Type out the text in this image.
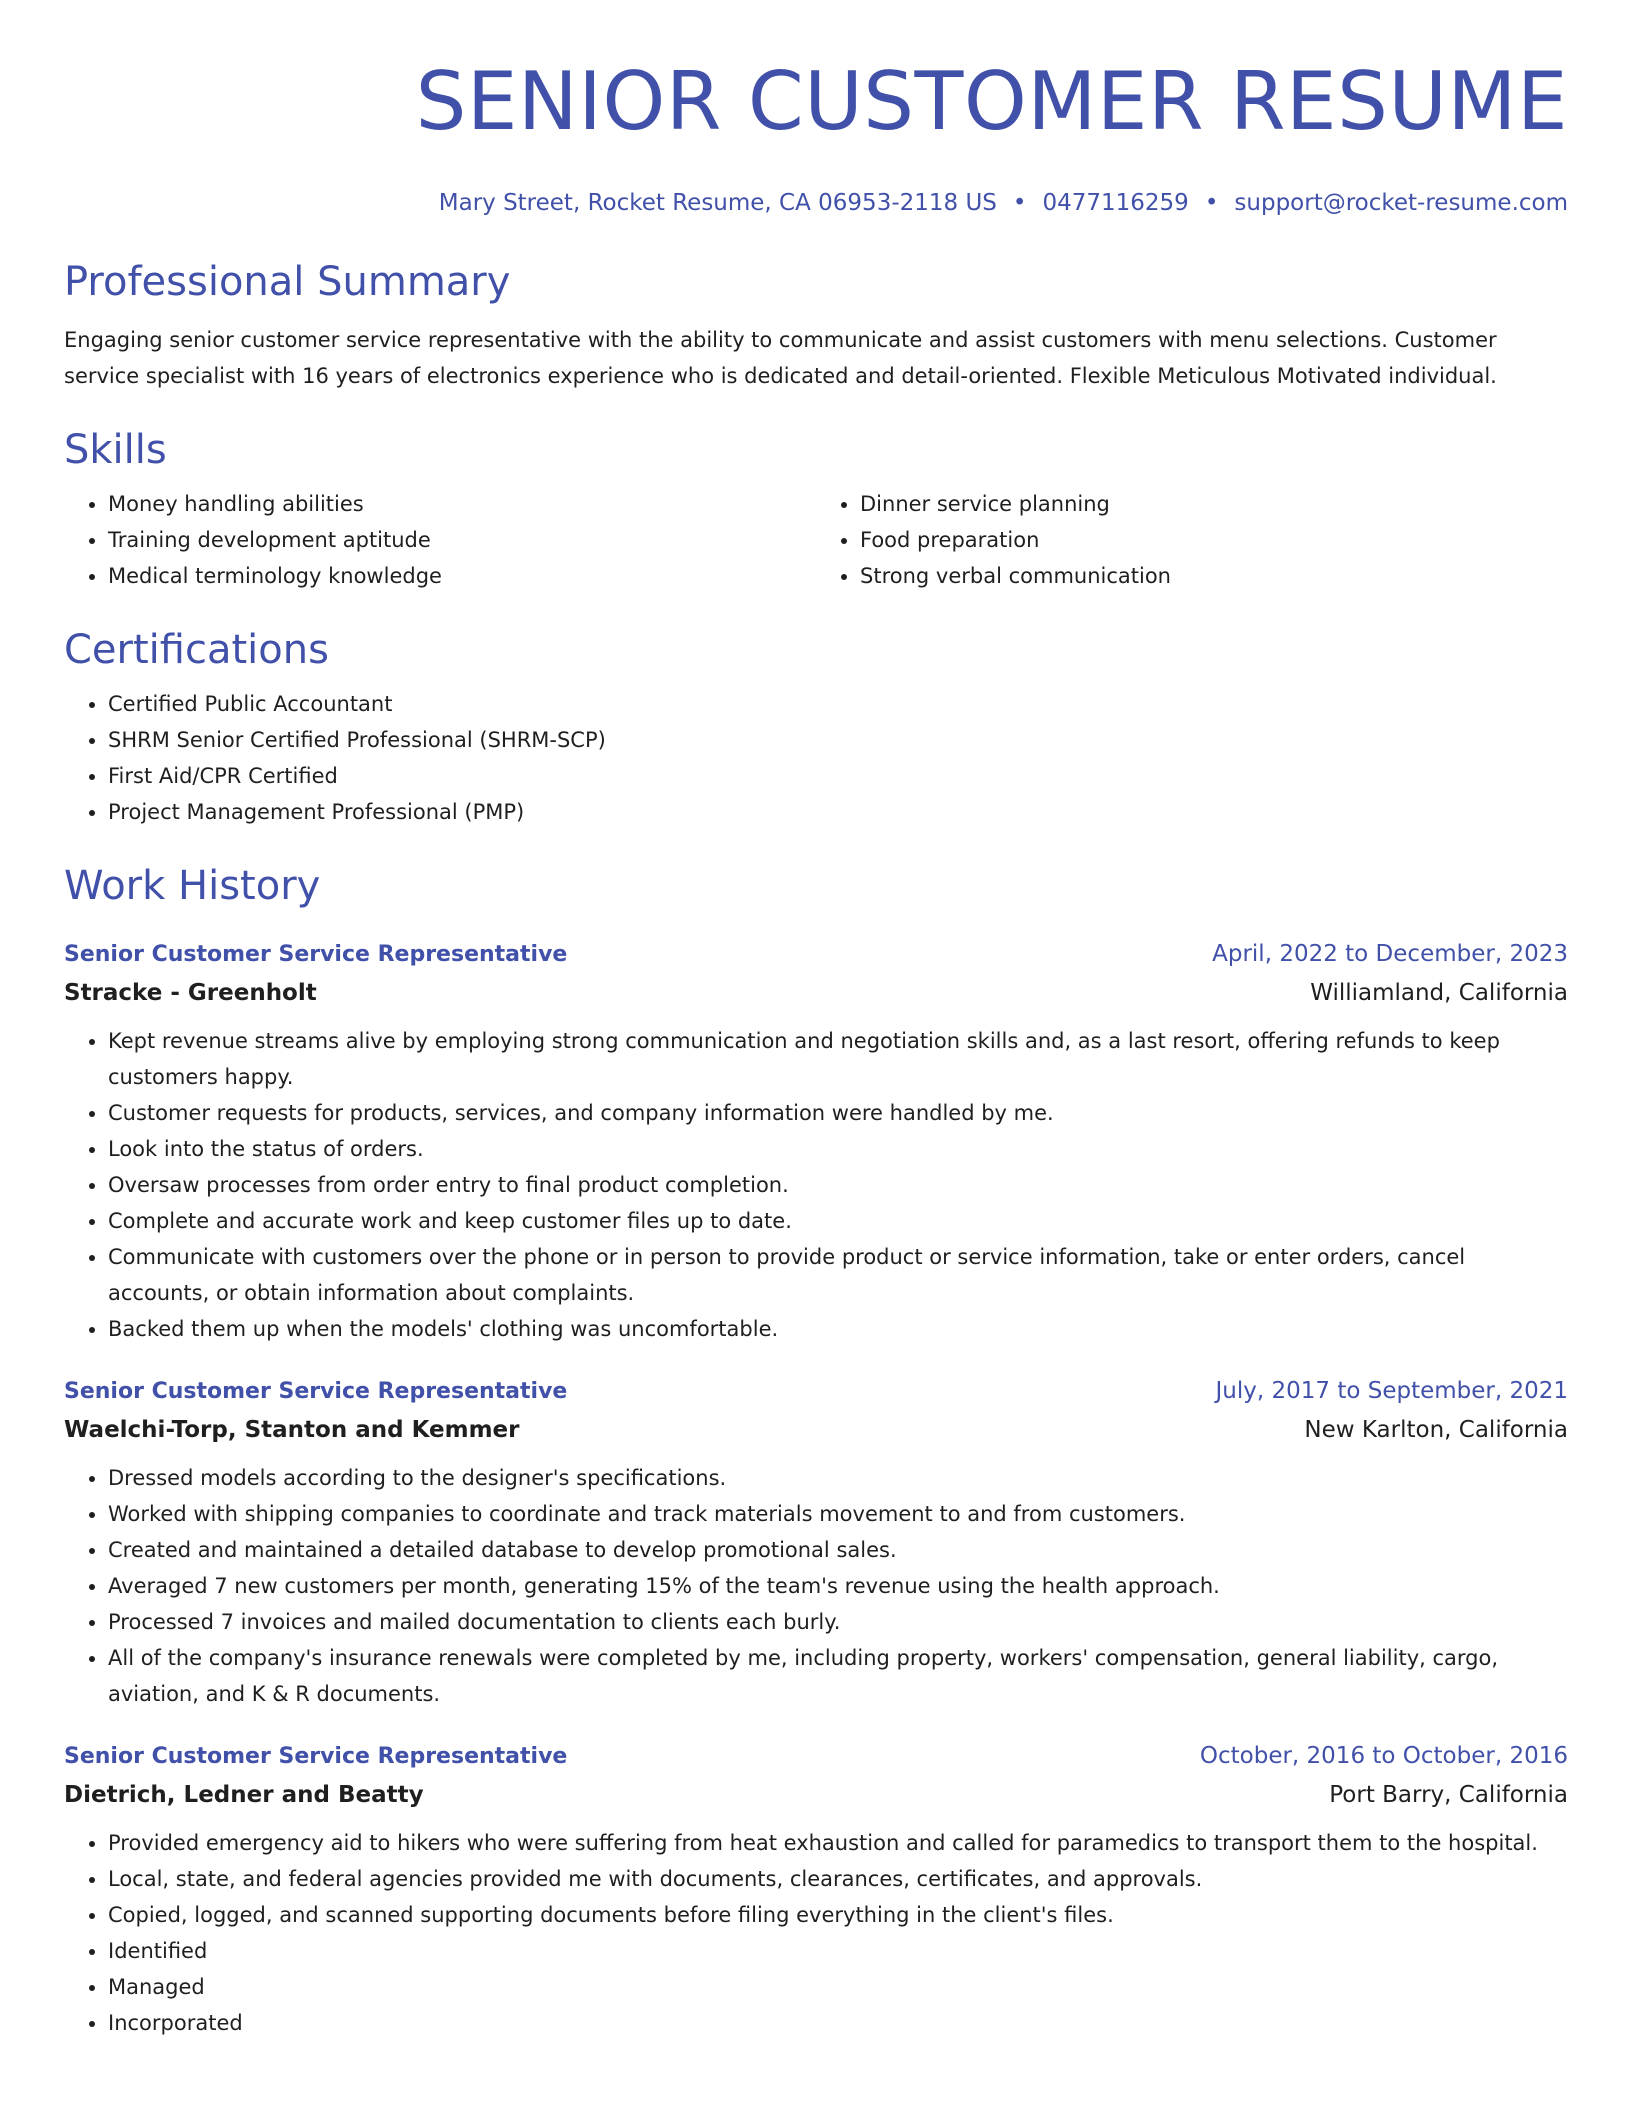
SENIOR CUSTOMER RESUME
Mary Street, Rocket Resume, CA 06953-2118 US • 0477116259 • support@rocket-resume.com
Professional Summary

Engaging senior customer service representative with the ability to communicate and assist customers with menu selections. Customer service specialist with 16 years of electronics experience who is dedicated and detail-oriented. Flexible Meticulous Motivated individual.

Skills
• Money handling abilities
• Training development aptitude
• Medical terminology knowledge
• Dinner service planning
• Food preparation
• Strong verbal communication
Certifications
• Certified Public Accountant
• SHRM Senior Certified Professional (SHRM-SCP)
• First Aid/CPR Certified
• Project Management Professional (PMP)
Work History
Senior Customer Service Representative	April, 2022 to December, 2023
Stracke - Greenholt	Williamland, California
• Kept revenue streams alive by employing strong communication and negotiation skills and, as a last resort, offering refunds to keep customers happy.
• Customer requests for products, services, and company information were handled by me.
• Look into the status of orders.
• Oversaw processes from order entry to final product completion.
• Complete and accurate work and keep customer files up to date.
• Communicate with customers over the phone or in person to provide product or service information, take or enter orders, cancel accounts, or obtain information about complaints.
• Backed them up when the models' clothing was uncomfortable.
Senior Customer Service Representative	July, 2017 to September, 2021
Waelchi-Torp, Stanton and Kemmer	New Karlton, California
• Dressed models according to the designer's specifications.
• Worked with shipping companies to coordinate and track materials movement to and from customers.
• Created and maintained a detailed database to develop promotional sales.
• Averaged 7 new customers per month, generating 15% of the team's revenue using the health approach.
• Processed 7 invoices and mailed documentation to clients each burly.
• All of the company's insurance renewals were completed by me, including property, workers' compensation, general liability, cargo, aviation, and K & R documents.
Senior Customer Service Representative	October, 2016 to October, 2016
Dietrich, Ledner and Beatty	Port Barry, California
• Provided emergency aid to hikers who were suffering from heat exhaustion and called for paramedics to transport them to the hospital.
• Local, state, and federal agencies provided me with documents, clearances, certificates, and approvals.
• Copied, logged, and scanned supporting documents before filing everything in the client's files.
• Identified
• Managed
• Incorporated
